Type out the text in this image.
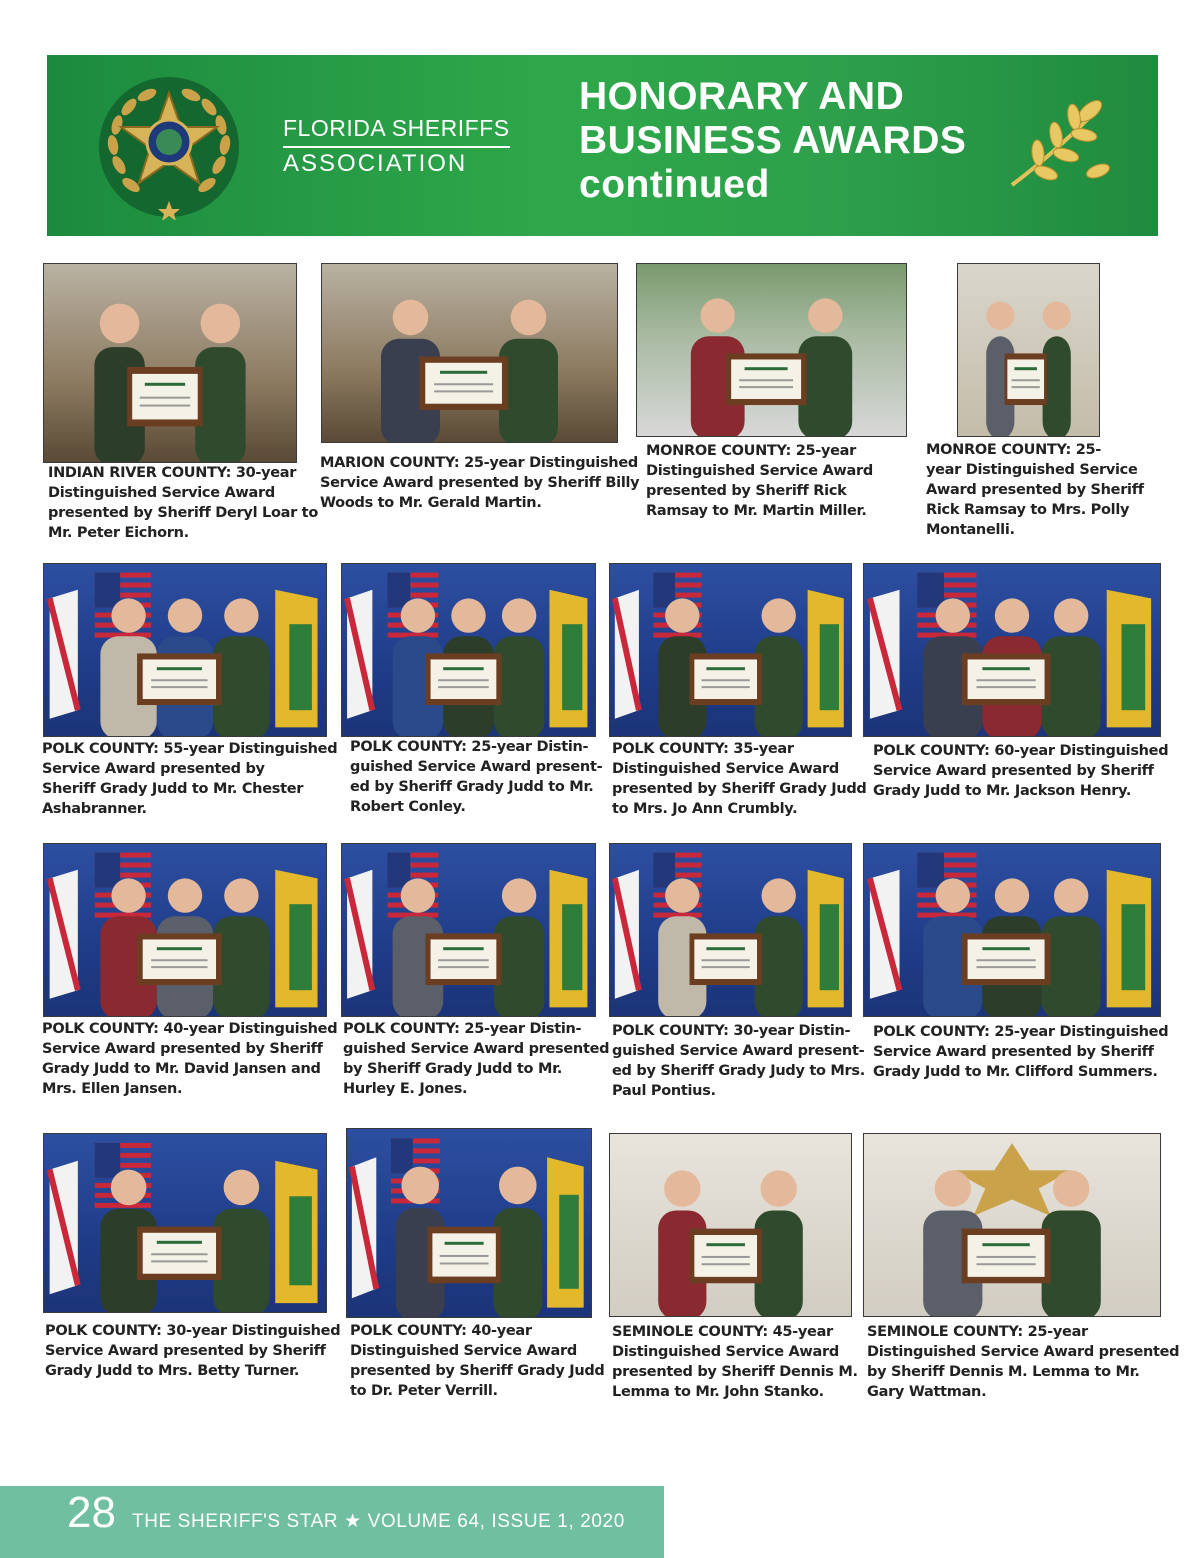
FLORIDA SHERIFFS
ASSOCIATION
HONORARY AND
BUSINESS AWARDS
continued
INDIAN RIVER COUNTY: 30-year
Distinguished Service Award
presented by Sheriff Deryl Loar to
Mr. Peter Eichorn.
MARION COUNTY: 25-year Distinguished
Service Award presented by Sheriff Billy
Woods to Mr. Gerald Martin.
MONROE COUNTY: 25-year
Distinguished Service Award
presented by Sheriff Rick
Ramsay to Mr. Martin Miller.
MONROE COUNTY: 25-
year Distinguished Service
Award presented by Sheriff
Rick Ramsay to Mrs. Polly
Montanelli.
POLK COUNTY: 55-year Distinguished
Service Award presented by
Sheriff Grady Judd to Mr. Chester
Ashabranner.
POLK COUNTY: 25-year Distin-
guished Service Award present-
ed by Sheriff Grady Judd to Mr.
Robert Conley.
POLK COUNTY: 35-year
Distinguished Service Award
presented by Sheriff Grady Judd
to Mrs. Jo Ann Crumbly.
POLK COUNTY: 60-year Distinguished
Service Award presented by Sheriff
Grady Judd to Mr. Jackson Henry.
POLK COUNTY: 40-year Distinguished
Service Award presented by Sheriff
Grady Judd to Mr. David Jansen and
Mrs. Ellen Jansen.
POLK COUNTY: 25-year Distin-
guished Service Award presented
by Sheriff Grady Judd to Mr.
Hurley E. Jones.
POLK COUNTY: 30-year Distin-
guished Service Award present-
ed by Sheriff Grady Judy to Mrs.
Paul Pontius.
POLK COUNTY: 25-year Distinguished
Service Award presented by Sheriff
Grady Judd to Mr. Clifford Summers.
POLK COUNTY: 30-year Distinguished
Service Award presented by Sheriff
Grady Judd to Mrs. Betty Turner.
POLK COUNTY: 40-year
Distinguished Service Award
presented by Sheriff Grady Judd
to Dr. Peter Verrill.
SEMINOLE COUNTY: 45-year
Distinguished Service Award
presented by Sheriff Dennis M.
Lemma to Mr. John Stanko.
SEMINOLE COUNTY: 25-year
Distinguished Service Award presented
by Sheriff Dennis M. Lemma to Mr.
Gary Wattman.
28 THE SHERIFF'S STAR ★ VOLUME 64, ISSUE 1, 2020
